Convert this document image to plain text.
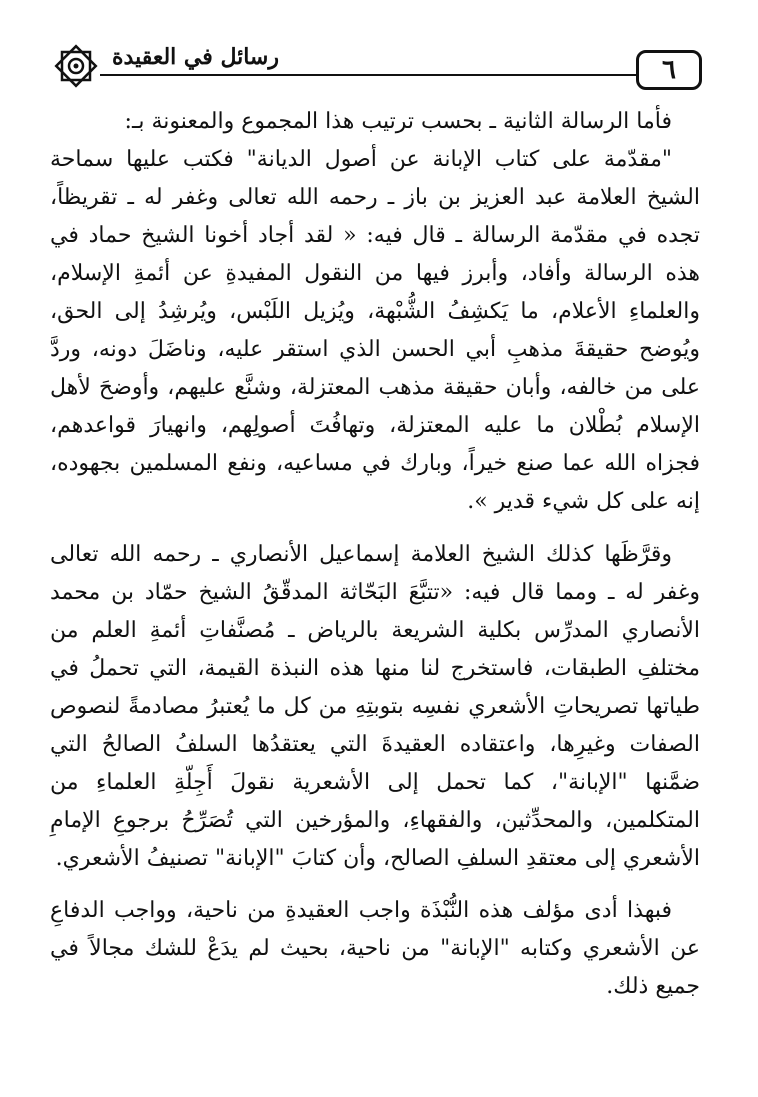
رسائل في العقيدة	٦

فأما الرسالة الثانية ـ بحسب ترتيب هذا المجموع والمعنونة بـ:

"مقدّمة على كتاب الإبانة عن أصول الديانة" فكتب عليها سماحة الشيخ العلامة عبد العزيز بن باز ـ رحمه الله تعالى وغفر له ـ تقريظاً، تجده في مقدّمة الرسالة ـ قال فيه: « لقد أجاد أخونا الشيخ حماد في هذه الرسالة وأفاد، وأبرز فيها من النقول المفيدةِ عن أئمةِ الإسلام، والعلماءِ الأعلام، ما يَكشِفُ الشُّبْهة، ويُزيل اللَبْس، ويُرشِدُ إلى الحق، ويُوضح حقيقةَ مذهبِ أبي الحسن الذي استقر عليه، وناضَلَ دونه، وردَّ على من خالفه، وأبان حقيقة مذهب المعتزلة، وشنَّع عليهم، وأوضحَ لأهل الإسلام بُطْلان ما عليه المعتزلة، وتهافُتَ أصولِهم، وانهيارَ قواعدهم، فجزاه الله عما صنع خيراً، وبارك في مساعيه، ونفع المسلمين بجهوده، إنه على كل شيء قدير ».

وقرَّظَها كذلك الشيخ العلامة إسماعيل الأنصاري ـ رحمه الله تعالى وغفر له ـ ومما قال فيه: «تتبَّعَ البَحّاثة المدقّقُ الشيخ حمّاد بن محمد الأنصاري المدرِّس بكلية الشريعة بالرياض ـ مُصنَّفاتِ أئمةِ العلم من مختلفِ الطبقات، فاستخرج لنا منها هذه النبذة القيمة، التي تحملُ في طياتها تصريحاتِ الأشعري نفسِه بتوبتِهِ من كل ما يُعتبرُ مصادمةً لنصوص الصفات وغيرِها، واعتقاده العقيدةَ التي يعتقدُها السلفُ الصالحُ التي ضمَّنها "الإبانة"، كما تحمل إلى الأشعرية نقولَ أَجِلّةِ العلماءِ من المتكلمين، والمحدِّثين، والفقهاءِ، والمؤرخين التي تُصَرِّحُ برجوعِ الإمامِ الأشعري إلى معتقدِ السلفِ الصالح، وأن كتابَ "الإبانة" تصنيفُ الأشعري.

فبهذا أدى مؤلف هذه النُّبْذَة واجب العقيدةِ من ناحية، وواجب الدفاعِ عن الأشعري وكتابه "الإبانة" من ناحية، بحيث لم يدَعْ للشك مجالاً في جميع ذلك.
